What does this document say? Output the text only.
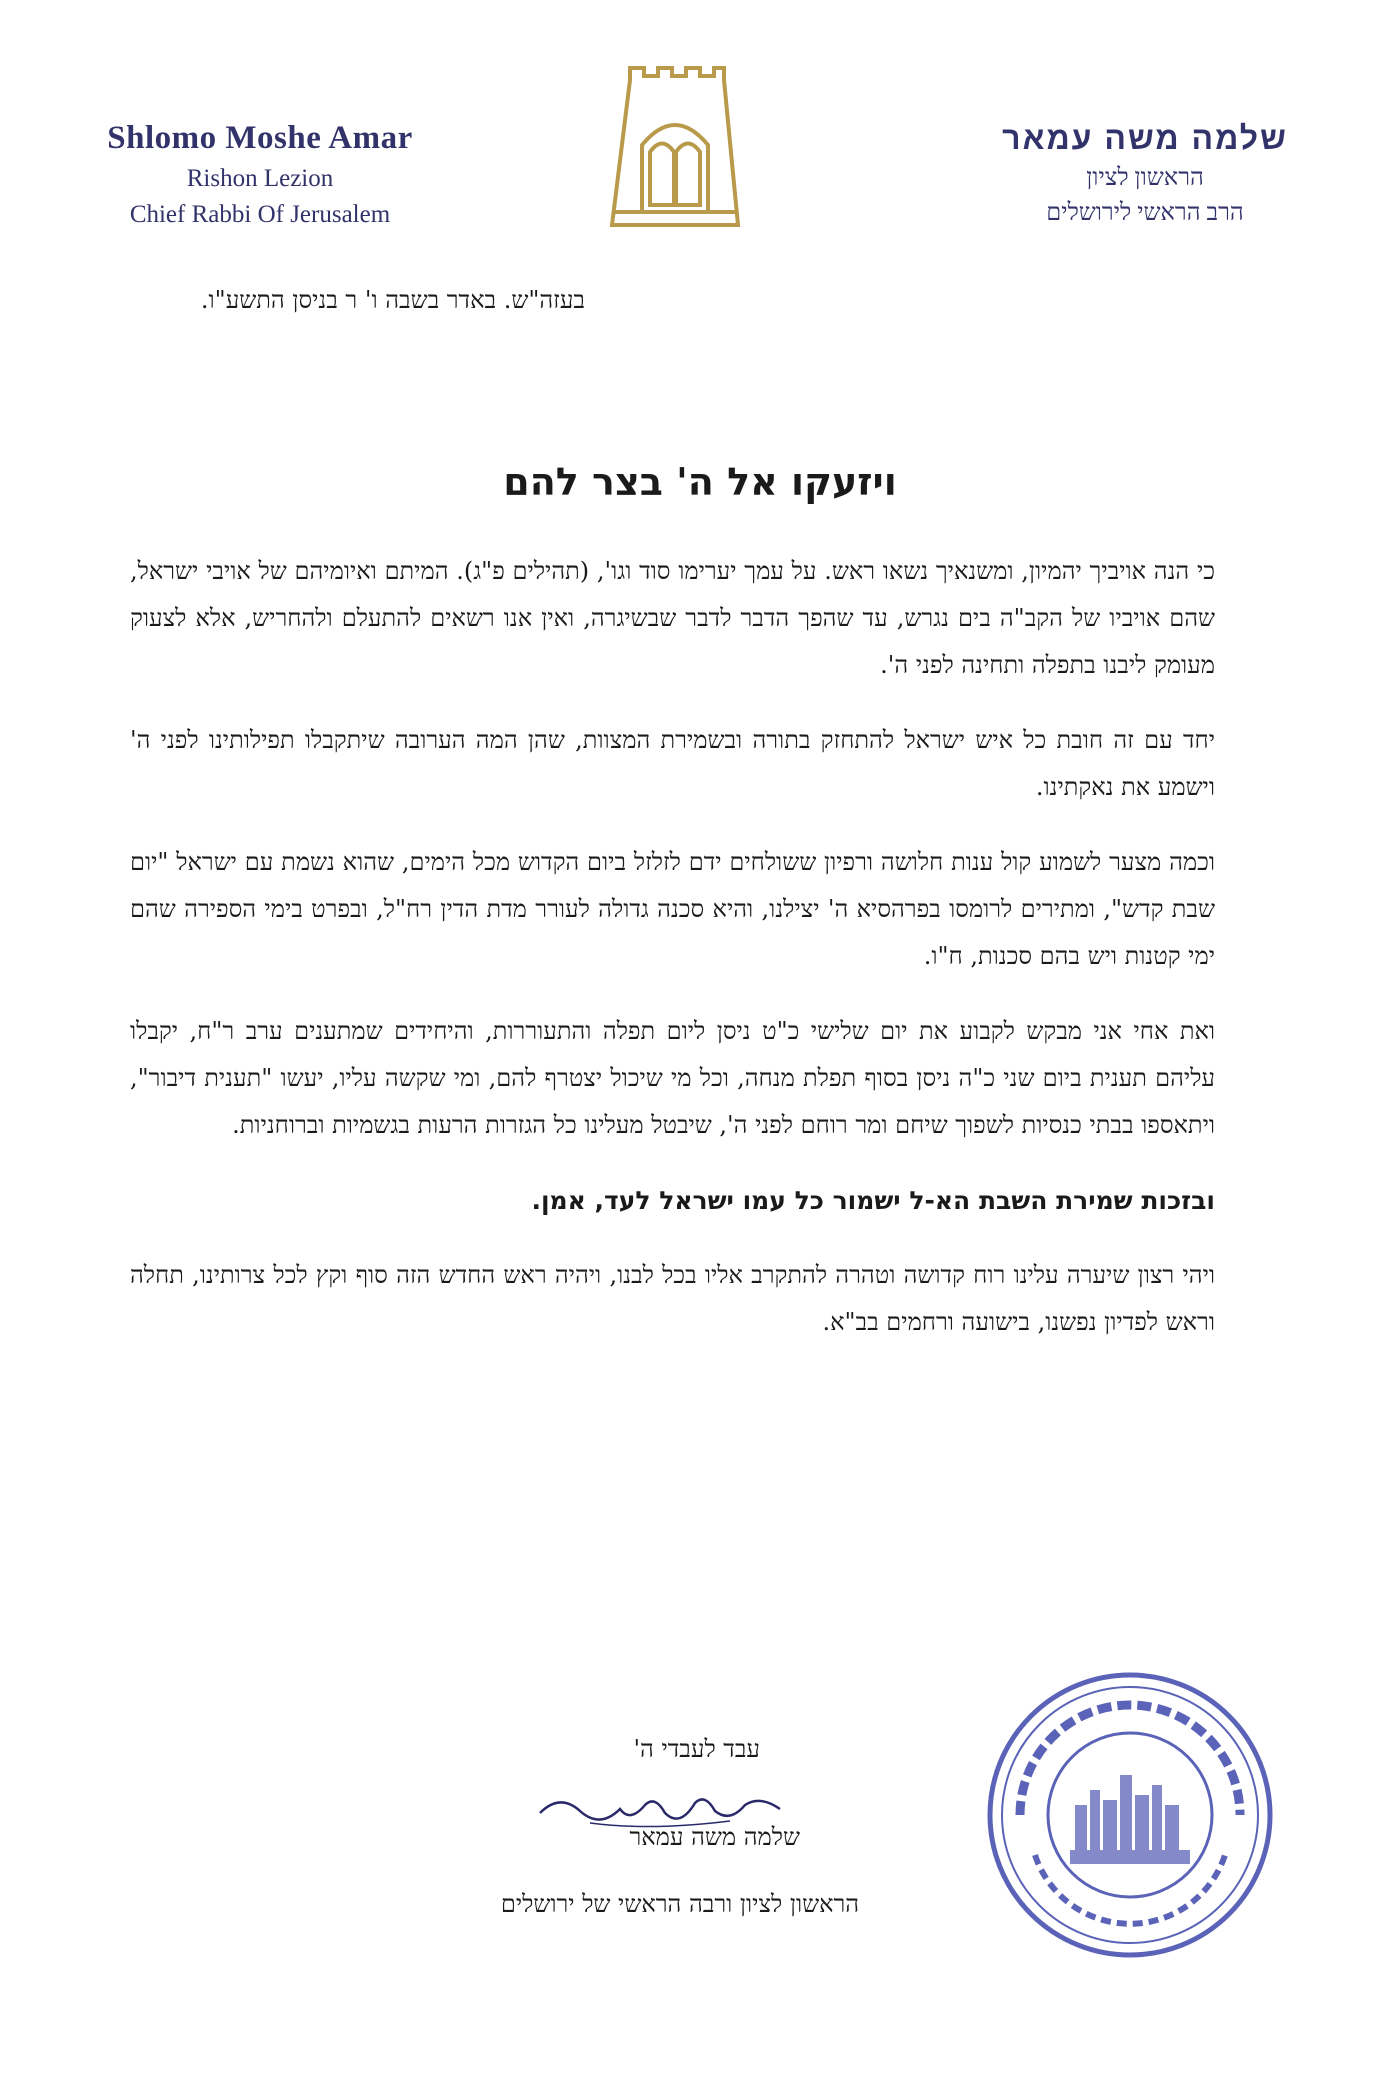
Shlomo Moshe Amar
Rishon Lezion
Chief Rabbi Of Jerusalem
שלמה משה עמאר
הראשון לציון
הרב הראשי לירושלים
בעזה"ש. באדר בשבה ו' ר בניסן התשע"ו.
ויזעקו אל ה' בצר להם

כי הנה אויביך יהמיון, ומשנאיך נשאו ראש. על עמך יערימו סוד וגו', (תהילים פ"ג). המיתם ואיומיהם של אויבי ישראל, שהם אויביו של הקב"ה בים נגרש, עד שהפך הדבר לדבר שבשיגרה, ואין אנו רשאים להתעלם ולהחריש, אלא לצעוק מעומק ליבנו בתפלה ותחינה לפני ה'.

יחד עם זה חובת כל איש ישראל להתחזק בתורה ובשמירת המצוות, שהן המה הערובה שיתקבלו תפילותינו לפני ה' וישמע את נאקתינו.

וכמה מצער לשמוע קול ענות חלושה ורפיון ששולחים ידם לזלזל ביום הקדוש מכל הימים, שהוא נשמת עם ישראל "יום שבת קדש", ומתירים לרומסו בפרהסיא ה' יצילנו, והיא סכנה גדולה לעורר מדת הדין רח"ל, ובפרט בימי הספירה שהם ימי קטנות ויש בהם סכנות, ח"ו.

ואת אחי אני מבקש לקבוע את יום שלישי כ"ט ניסן ליום תפלה והתעוררות, והיחידים שמתענים ערב ר"ח, יקבלו עליהם תענית ביום שני כ"ה ניסן בסוף תפלת מנחה, וכל מי שיכול יצטרף להם, ומי שקשה עליו, יעשו "תענית דיבור", ויתאספו בבתי כנסיות לשפוך שיחם ומר רוחם לפני ה', שיבטל מעלינו כל הגזרות הרעות בגשמיות וברוחניות.

ובזכות שמירת השבת הא-ל ישמור כל עמו ישראל לעד, אמן.

ויהי רצון שיערה עלינו רוח קדושה וטהרה להתקרב אליו בכל לבנו, ויהיה ראש החדש הזה סוף וקץ לכל צרותינו, תחלה וראש לפדיון נפשנו, בישועה ורחמים בב"א.

עבד לעבדי ה'
שלמה משה עמאר
הראשון לציון ורבה הראשי של ירושלים
